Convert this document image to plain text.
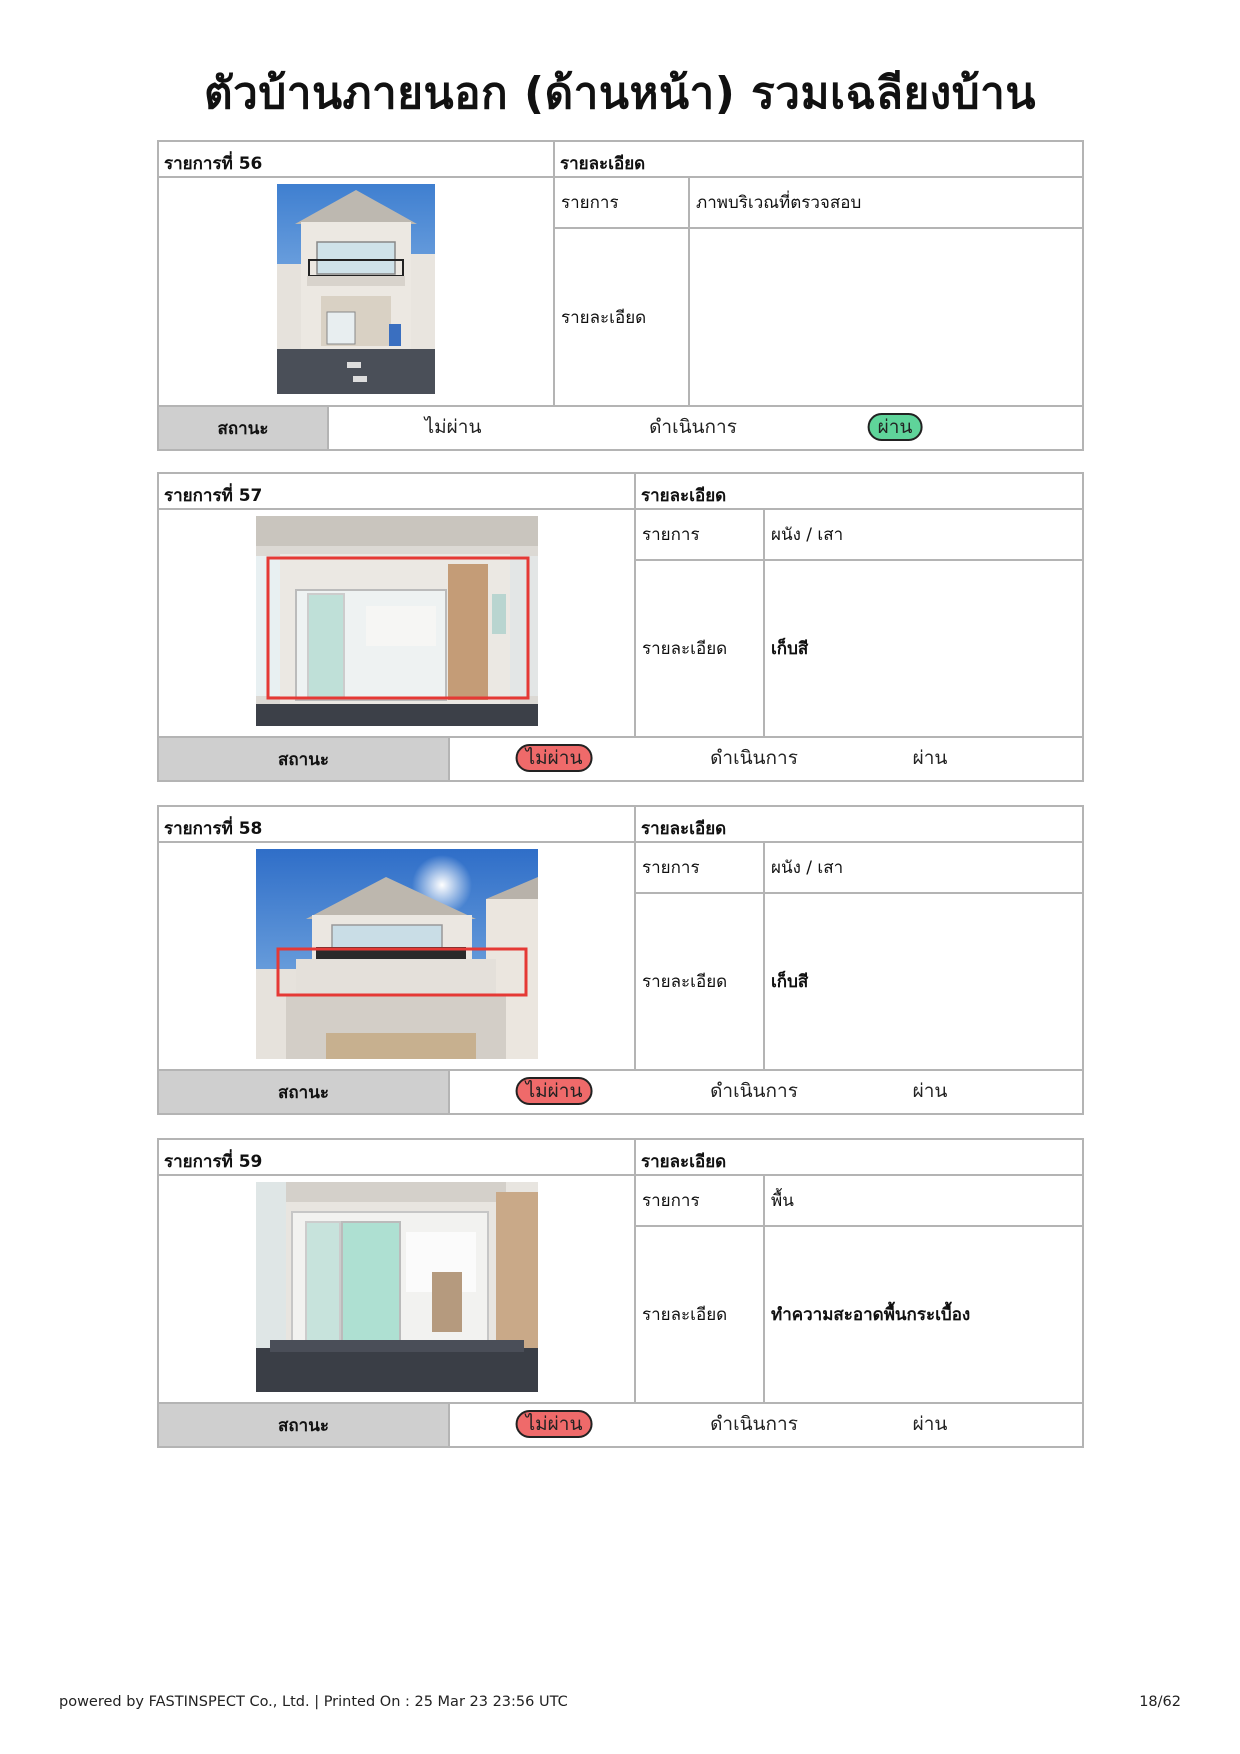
ตัวบ้านภายนอก (ด้านหน้า) รวมเฉลียงบ้าน
รายการที่ 56	รายละเอียด
รายการ	ภาพบริเวณที่ตรวจสอบ
รายละเอียด
สถานะ	ไม่ผ่าน	ดำเนินการ	ผ่าน
รายการที่ 57	รายละเอียด
รายการ	ผนัง / เสา
รายละเอียด	เก็บสี
สถานะ	ไม่ผ่าน	ดำเนินการ	ผ่าน
รายการที่ 58	รายละเอียด
รายการ	ผนัง / เสา
รายละเอียด	เก็บสี
สถานะ	ไม่ผ่าน	ดำเนินการ	ผ่าน
รายการที่ 59	รายละเอียด
รายการ	พื้น
รายละเอียด	ทำความสะอาดพื้นกระเบื้อง
สถานะ	ไม่ผ่าน	ดำเนินการ	ผ่าน
powered by FASTINSPECT Co., Ltd. | Printed On : 25 Mar 23 23:56 UTC	18/62
